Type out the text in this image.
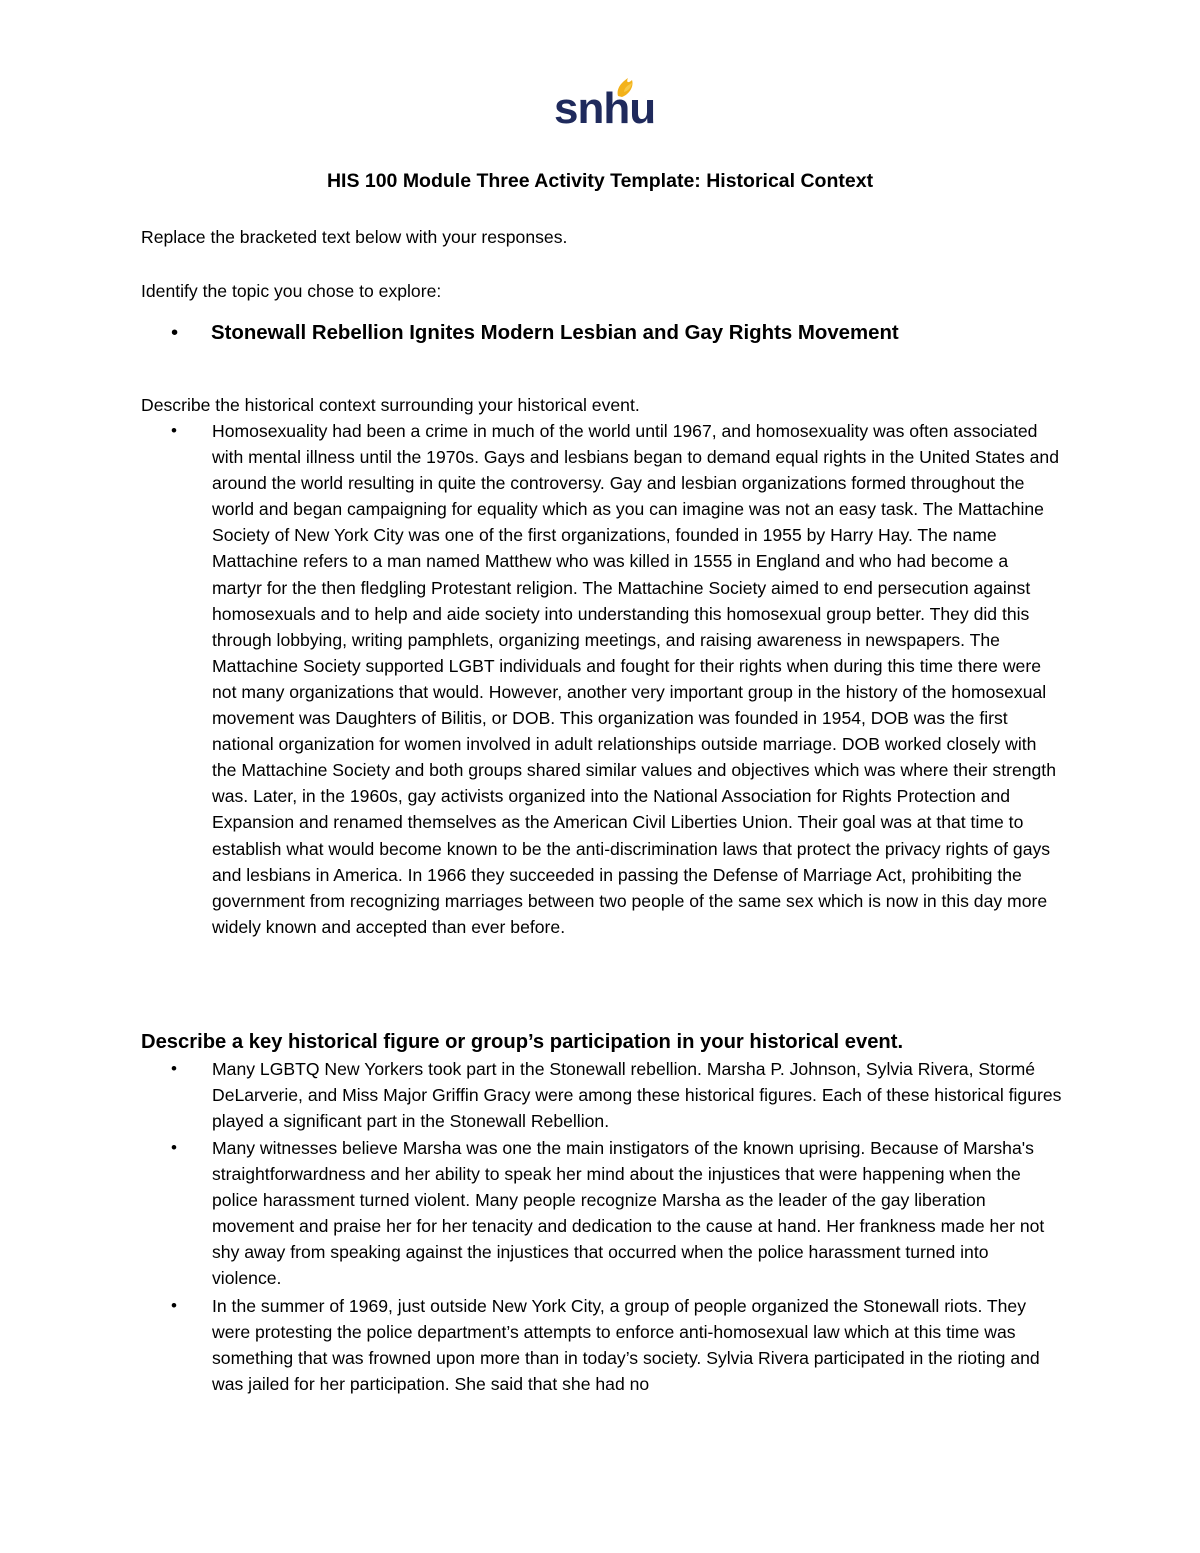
snhu
HIS 100 Module Three Activity Template: Historical Context
Replace the bracketed text below with your responses.
Identify the topic you chose to explore:
• Stonewall Rebellion Ignites Modern Lesbian and Gay Rights Movement
Describe the historical context surrounding your historical event.
• Homosexuality had been a crime in much of the world until 1967, and homosexuality was often associated with mental illness until the 1970s. Gays and lesbians began to demand equal rights in the United States and around the world resulting in quite the controversy. Gay and lesbian organizations formed throughout the world and began campaigning for equality which as you can imagine was not an easy task. The Mattachine Society of New York City was one of the first organizations, founded in 1955 by Harry Hay. The name Mattachine refers to a man named Matthew who was killed in 1555 in England and who had become a martyr for the then fledgling Protestant religion. The Mattachine Society aimed to end persecution against homosexuals and to help and aide society into understanding this homosexual group better. They did this through lobbying, writing pamphlets, organizing meetings, and raising awareness in newspapers. The Mattachine Society supported LGBT individuals and fought for their rights when during this time there were not many organizations that would. However, another very important group in the history of the homosexual movement was Daughters of Bilitis, or DOB. This organization was founded in 1954, DOB was the first national organization for women involved in adult relationships outside marriage. DOB worked closely with the Mattachine Society and both groups shared similar values and objectives which was where their strength was. Later, in the 1960s, gay activists organized into the National Association for Rights Protection and Expansion and renamed themselves as the American Civil Liberties Union. Their goal was at that time to establish what would become known to be the anti-discrimination laws that protect the privacy rights of gays and lesbians in America. In 1966 they succeeded in passing the Defense of Marriage Act, prohibiting the government from recognizing marriages between two people of the same sex which is now in this day more widely known and accepted than ever before.
Describe a key historical figure or group’s participation in your historical event.
• Many LGBTQ New Yorkers took part in the Stonewall rebellion. Marsha P. Johnson, Sylvia Rivera, Stormé DeLarverie, and Miss Major Griffin Gracy were among these historical figures. Each of these historical figures played a significant part in the Stonewall Rebellion.
• Many witnesses believe Marsha was one the main instigators of the known uprising. Because of Marsha's straightforwardness and her ability to speak her mind about the injustices that were happening when the police harassment turned violent. Many people recognize Marsha as the leader of the gay liberation movement and praise her for her tenacity and dedication to the cause at hand. Her frankness made her not shy away from speaking against the injustices that occurred when the police harassment turned into violence.
• In the summer of 1969, just outside New York City, a group of people organized the Stonewall riots. They were protesting the police department’s attempts to enforce anti-homosexual law which at this time was something that was frowned upon more than in today’s society. Sylvia Rivera participated in the rioting and was jailed for her participation. She said that she had no
